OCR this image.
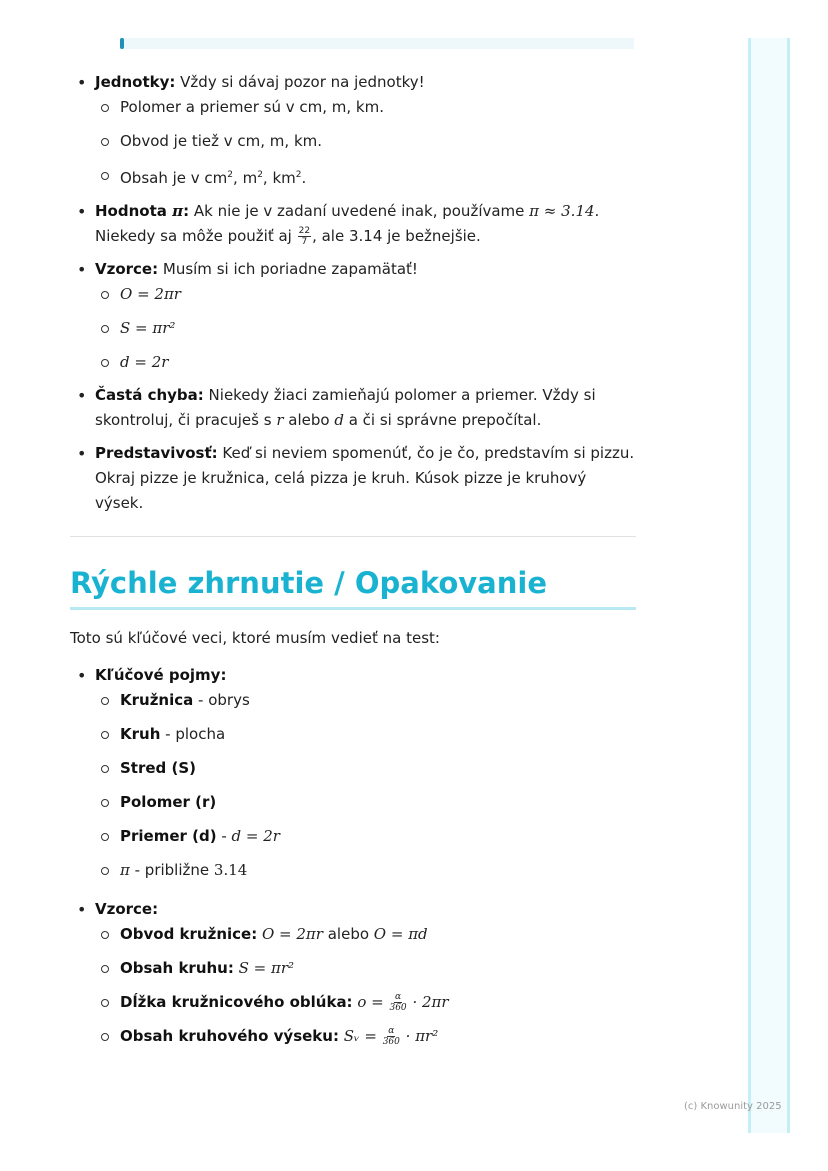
• Jednotky: Vždy si dávaj pozor na jednotky!
Polomer a priemer sú v cm, m, km.
Obvod je tiež v cm, m, km.
Obsah je v $cm^2$, $m^2$, $km^2$.
• Hodnota π: Ak nie je v zadaní uvedené inak, používame π ≈ 3.14.
Niekedy sa môže použiť aj $\frac{22}{7}$ , ale 3.14 je bežnejšie.
• Vzorce: Musím si ich poriadne zapamätať!
O = 2πr
S = πr²
d = 2r
• Častá chyba: Niekedy žiaci zamieňajú polomer a priemer. Vždy si skontroluj, či pracuješ s r alebo d a či si správne prepočítal.
• Predstavivosť: Keď si neviem spomenúť, čo je čo, predstavím si pizzu. Okraj pizze je kružnica, celá pizza je kruh. Kúsok pizze je kruhový výsek.
Rýchle zhrnutie / Opakovanie

Toto sú kľúčové veci, ktoré musím vedieť na test:

• Kľúčové pojmy:
Kružnica - obrys
Kruh - plocha
Stred (S)
Polomer (r)
Priemer (d) - d = 2r
π - približne 3.14
• Vzorce:
Obvod kružnice: O = 2πr alebo O = πd
Obsah kruhu: S = πr²
Dĺžka kružnicového oblúka: $o = \frac{\alpha}{360} \cdot 2\pi r$
Obsah kruhového výseku: Sᵥ = $\frac{\alpha}{360} \cdot \pi r^2$
(c) Knowunity 2025
